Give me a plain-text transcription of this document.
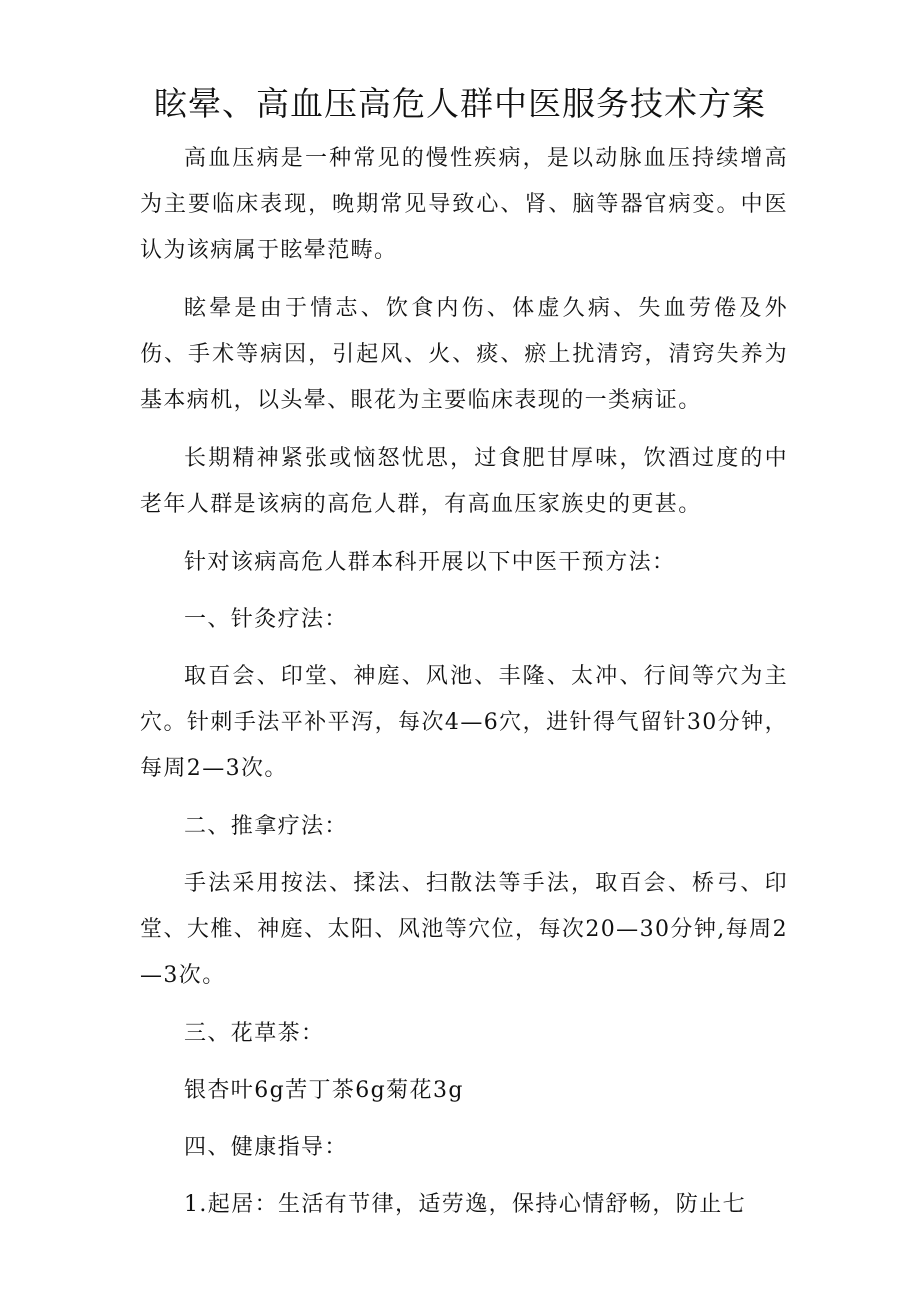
眩晕、高血压高危人群中医服务技术方案

高血压病是一种常见的慢性疾病，是以动脉血压持续增高为主要临床表现，晚期常见导致心、肾、脑等器官病变。中医认为该病属于眩晕范畴。

眩晕是由于情志、饮食内伤、体虚久病、失血劳倦及外伤、手术等病因，引起风、火、痰、瘀上扰清窍，清窍失养为基本病机，以头晕、眼花为主要临床表现的一类病证。

长期精神紧张或恼怒忧思，过食肥甘厚味，饮酒过度的中老年人群是该病的高危人群，有高血压家族史的更甚。

针对该病高危人群本科开展以下中医干预方法：

一、针灸疗法：

取百会、印堂、神庭、风池、丰隆、太冲、行间等穴为主穴。针刺手法平补平泻，每次4—6穴，进针得气留针30分钟，每周2—3次。

二、推拿疗法：

手法采用按法、揉法、扫散法等手法，取百会、桥弓、印堂、大椎、神庭、太阳、风池等穴位，每次20—30分钟,每周2—3次。

三、花草茶：

银杏叶6g苦丁茶6g菊花3g

四、健康指导：

1.起居：生活有节律，适劳逸，保持心情舒畅，防止七
